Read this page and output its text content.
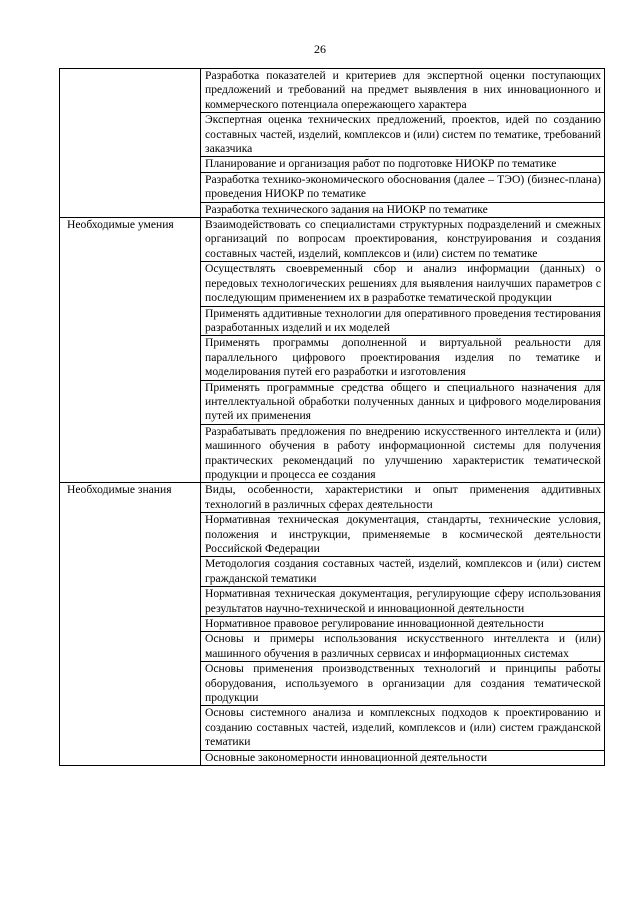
26
	Разработка показателей и критериев для экспертной оценки поступающих предложений и требований на предмет выявления в них инновационного и коммерческого потенциала опережающего характера
	Экспертная оценка технических предложений, проектов, идей по созданию составных частей, изделий, комплексов и (или) систем по тематике, требований заказчика
	Планирование и организация работ по подготовке НИОКР по тематике
	Разработка технико-экономического обоснования (далее – ТЭО) (бизнес-плана) проведения НИОКР по тематике
	Разработка технического задания на НИОКР по тематике
Необходимые умения	Взаимодействовать со специалистами структурных подразделений и смежных организаций по вопросам проектирования, конструирования и создания составных частей, изделий, комплексов и (или) систем по тематике
	Осуществлять своевременный сбор и анализ информации (данных) о передовых технологических решениях для выявления наилучших параметров с последующим применением их в разработке тематической продукции
	Применять аддитивные технологии для оперативного проведения тестирования разработанных изделий и их моделей
	Применять программы дополненной и виртуальной реальности для параллельного цифрового проектирования изделия по тематике и моделирования путей его разработки и изготовления
	Применять программные средства общего и специального назначения для интеллектуальной обработки полученных данных и цифрового моделирования путей их применения
	Разрабатывать предложения по внедрению искусственного интеллекта и (или) машинного обучения в работу информационной системы для получения практических рекомендаций по улучшению характеристик тематической продукции и процесса ее создания
Необходимые знания	Виды, особенности, характеристики и опыт применения аддитивных технологий в различных сферах деятельности
	Нормативная техническая документация, стандарты, технические условия, положения и инструкции, применяемые в космической деятельности Российской Федерации
	Методология создания составных частей, изделий, комплексов и (или) систем гражданской тематики
	Нормативная техническая документация, регулирующие сферу использования результатов научно-технической и инновационной деятельности
	Нормативное правовое регулирование инновационной деятельности
	Основы и примеры использования искусственного интеллекта и (или) машинного обучения в различных сервисах и информационных системах
	Основы применения производственных технологий и принципы работы оборудования, используемого в организации для создания тематической продукции
	Основы системного анализа и комплексных подходов к проектированию и созданию составных частей, изделий, комплексов и (или) систем гражданской тематики
	Основные закономерности инновационной деятельности
